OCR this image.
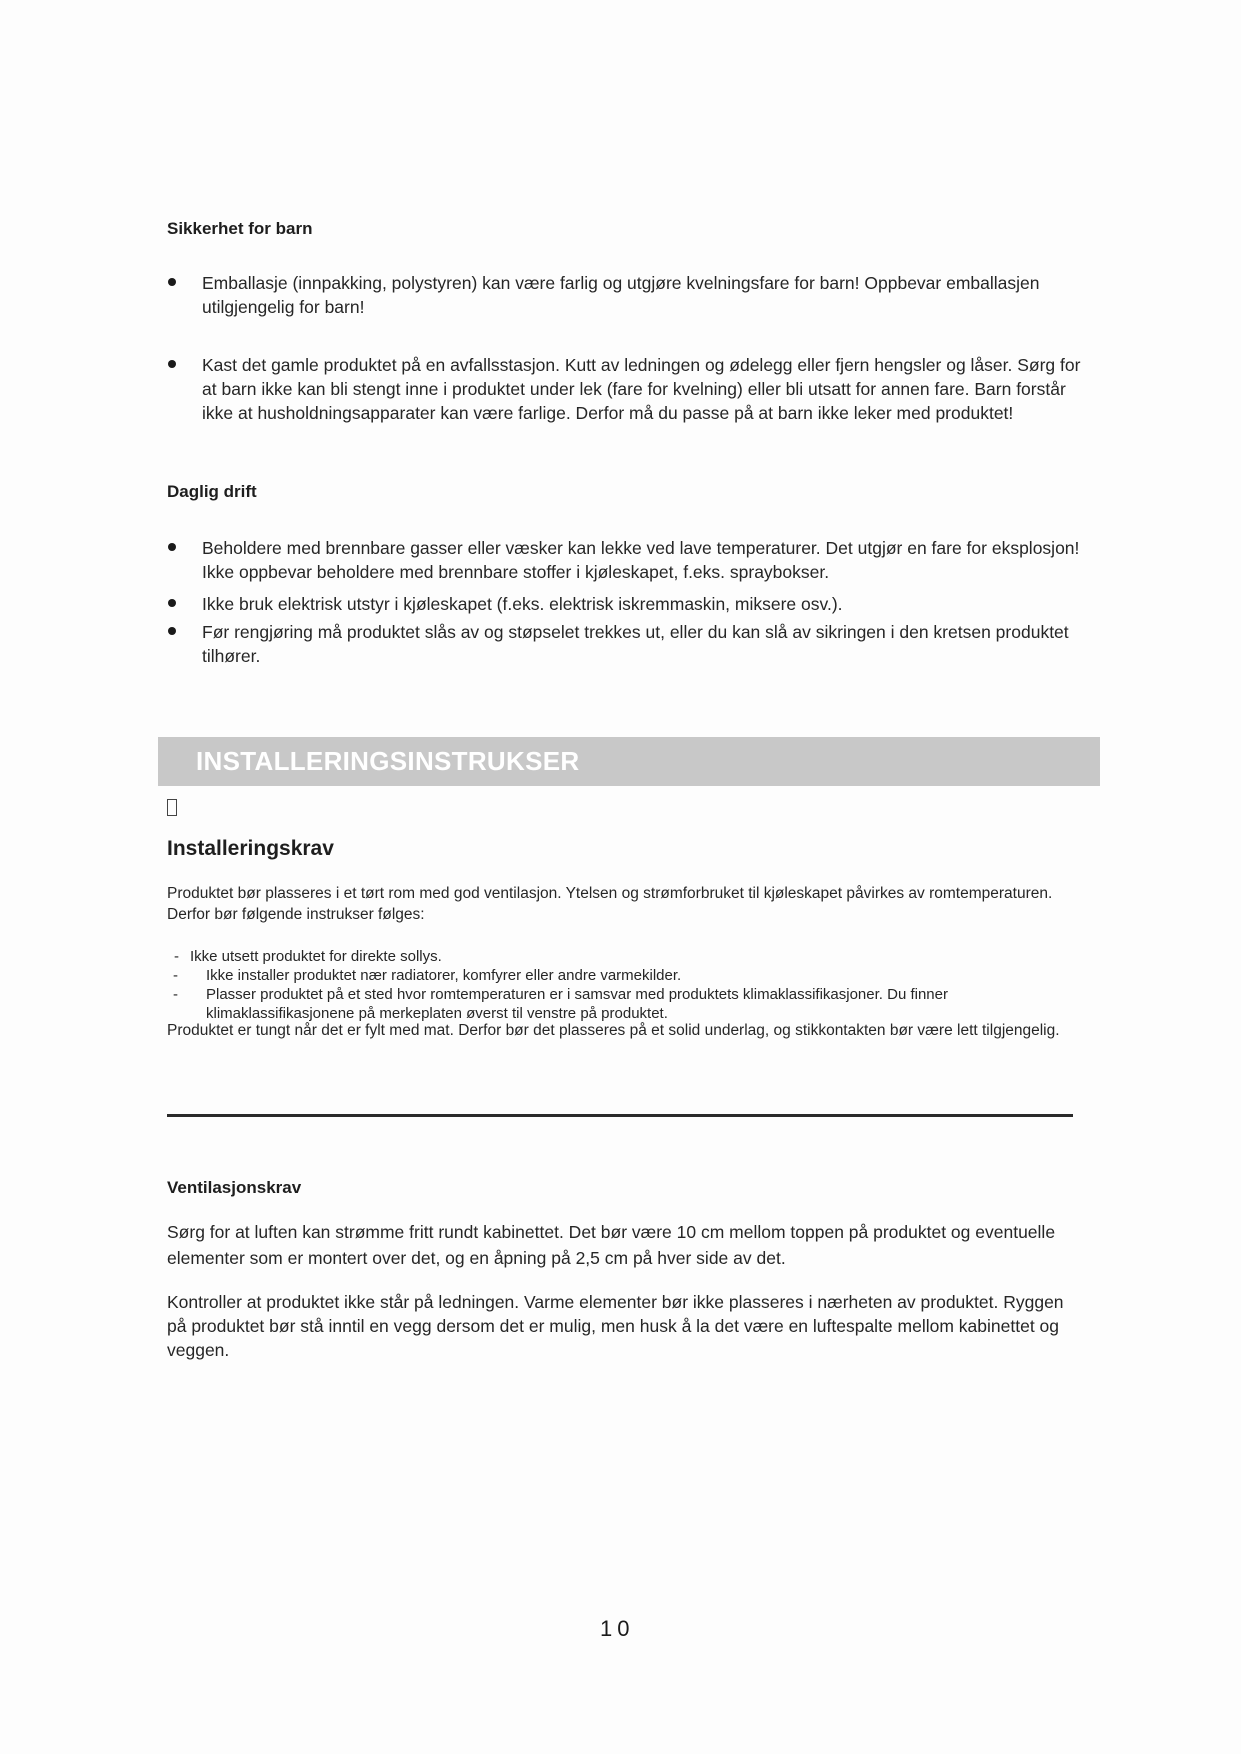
Sikkerhet for barn
Emballasje (innpakking, polystyren) kan være farlig og utgjøre kvelningsfare for barn! Oppbevar emballasjen utilgjengelig for barn!
Kast det gamle produktet på en avfallsstasjon. Kutt av ledningen og ødelegg eller fjern hengsler og låser. Sørg for at barn ikke kan bli stengt inne i produktet under lek (fare for kvelning) eller bli utsatt for annen fare. Barn forstår ikke at husholdningsapparater kan være farlige. Derfor må du passe på at barn ikke leker med produktet!
Daglig drift
Beholdere med brennbare gasser eller væsker kan lekke ved lave temperaturer. Det utgjør en fare for eksplosjon! Ikke oppbevar beholdere med brennbare stoffer i kjøleskapet, f.eks. spraybokser.
Ikke bruk elektrisk utstyr i kjøleskapet (f.eks. elektrisk iskremmaskin, miksere osv.).
Før rengjøring må produktet slås av og støpselet trekkes ut, eller du kan slå av sikringen i den kretsen produktet tilhører.
INSTALLERINGSINSTRUKSER
Installeringskrav
Produktet bør plasseres i et tørt rom med god ventilasjon. Ytelsen og strømforbruket til kjøleskapet påvirkes av romtemperaturen. Derfor bør følgende instrukser følges:
- Ikke utsett produktet for direkte sollys.
- Ikke installer produktet nær radiatorer, komfyrer eller andre varmekilder.
- Plasser produktet på et sted hvor romtemperaturen er i samsvar med produktets klimaklassifikasjoner. Du finner klimaklassifikasjonene på merkeplaten øverst til venstre på produktet.
Produktet er tungt når det er fylt med mat. Derfor bør det plasseres på et solid underlag, og stikkontakten bør være lett tilgjengelig.
Ventilasjonskrav
Sørg for at luften kan strømme fritt rundt kabinettet. Det bør være 10 cm mellom toppen på produktet og eventuelle elementer som er montert over det, og en åpning på 2,5 cm på hver side av det.
Kontroller at produktet ikke står på ledningen. Varme elementer bør ikke plasseres i nærheten av produktet. Ryggen på produktet bør stå inntil en vegg dersom det er mulig, men husk å la det være en luftespalte mellom kabinettet og veggen.
10
